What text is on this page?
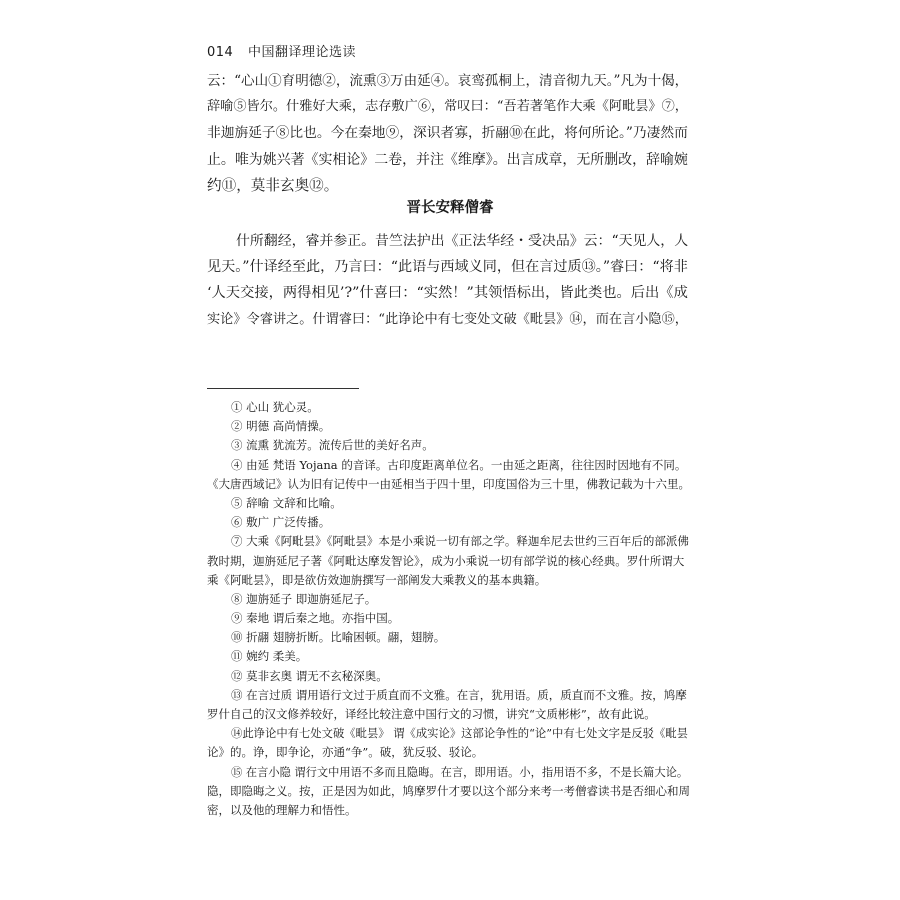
014 中国翻译理论选读
云：“心山①育明德②，流熏③万由延④。哀鸾孤桐上，清音彻九天。”凡为十偈，
辞喻⑤皆尔。什雅好大乘，志存敷广⑥，常叹曰：“吾若著笔作大乘《阿毗昙》⑦，
非迦旃延子⑧比也。今在秦地⑨，深识者寡，折翮⑩在此，将何所论。”乃凄然而
止。唯为姚兴著《实相论》二卷，并注《维摩》。出言成章，无所删改，辞喻婉
约⑪，莫非玄奥⑫。
晋长安释僧睿
什所翻经，睿并参正。昔竺法护出《正法华经・受决品》云：“天见人，人
见天。”什译经至此，乃言曰：“此语与西域义同，但在言过质⑬。”睿曰：“将非
‘人天交接，两得相见’?”什喜曰：“实然！”其领悟标出，皆此类也。后出《成
实论》令睿讲之。什谓睿曰：“此诤论中有七变处文破《毗昙》⑭，而在言小隐⑮，
① 心山 犹心灵。
② 明德 高尚情操。
③ 流熏 犹流芳。流传后世的美好名声。
④ 由延 梵语 Yojana 的音译。古印度距离单位名。一由延之距离，往往因时因地有不同。
《大唐西域记》认为旧有记传中一由延相当于四十里，印度国俗为三十里，佛教记载为十六里。
⑤ 辞喻 文辞和比喻。
⑥ 敷广 广泛传播。
⑦ 大乘《阿毗昙》《阿毗昙》本是小乘说一切有部之学。释迦牟尼去世约三百年后的部派佛
教时期，迦旃延尼子著《阿毗达摩发智论》，成为小乘说一切有部学说的核心经典。罗什所谓大
乘《阿毗昙》，即是欲仿效迦旃撰写一部阐发大乘教义的基本典籍。
⑧ 迦旃延子 即迦旃延尼子。
⑨ 秦地 谓后秦之地。亦指中国。
⑩ 折翮 翅膀折断。比喻困顿。翮，翅膀。
⑪ 婉约 柔美。
⑫ 莫非玄奥 谓无不玄秘深奥。
⑬ 在言过质 谓用语行文过于质直而不文雅。在言，犹用语。质，质直而不文雅。按，鸠摩
罗什自己的汉文修养较好，译经比较注意中国行文的习惯，讲究“文质彬彬”，故有此说。
⑭此诤论中有七处文破《毗昙》 谓《成实论》这部论争性的“论”中有七处文字是反驳《毗昙
论》的。诤，即争论，亦通“争”。破，犹反驳、驳论。
⑮ 在言小隐 谓行文中用语不多而且隐晦。在言，即用语。小，指用语不多，不是长篇大论。
隐，即隐晦之义。按，正是因为如此，鸠摩罗什才要以这个部分来考一考僧睿读书是否细心和周
密，以及他的理解力和悟性。
